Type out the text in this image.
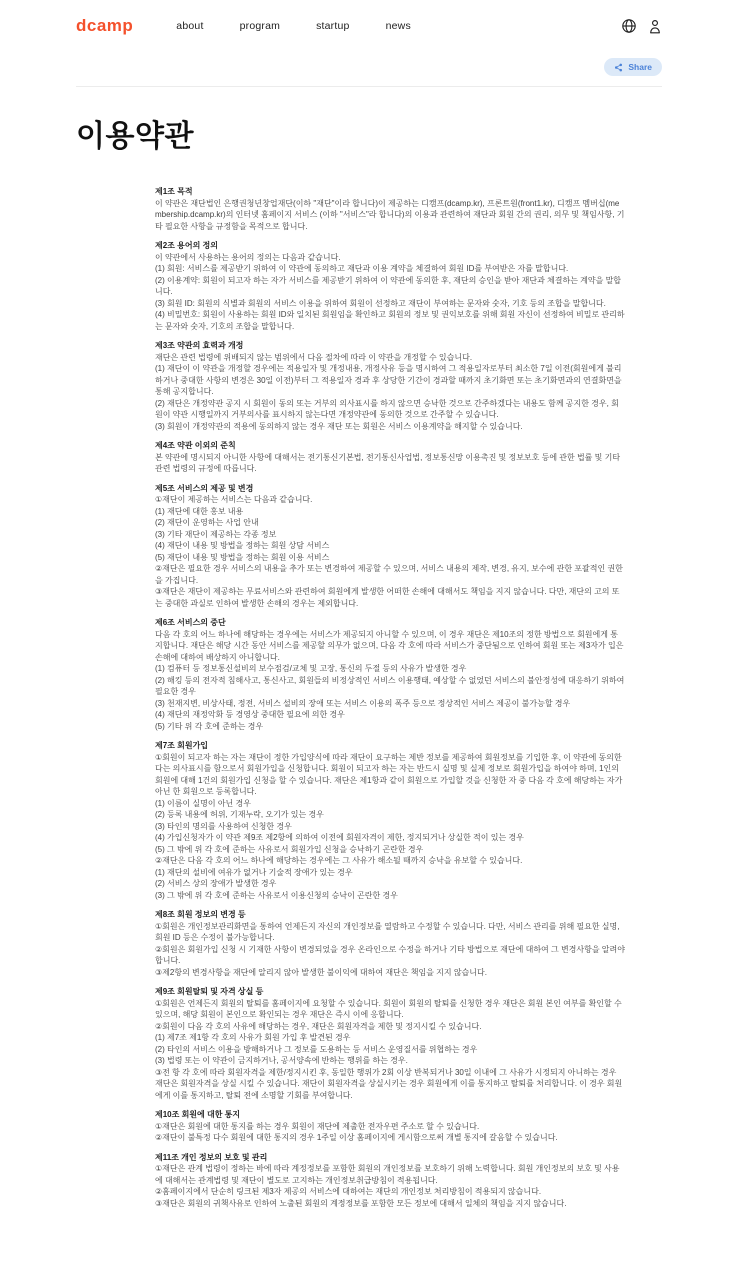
dcamp	about	program	startup	news
Share
이용약관
제1조 목적

이 약관은 재단법인 은행권청년창업재단(이하 "재단"이라 합니다)이 제공하는 디캠프(dcamp.kr), 프론트원(front1.kr), 디캠프 멤버십(membership.dcamp.kr)의 인터넷 홈페이지 서비스 (이하 "서비스"라 합니다)의 이용과 관련하여 재단과 회원 간의 권리, 의무 및 책임사항, 기타 필요한 사항을 규정함을 목적으로 합니다.

제2조 용어의 정의

이 약관에서 사용하는 용어의 정의는 다음과 같습니다.

(1) 회원: 서비스를 제공받기 위하여 이 약관에 동의하고 재단과 이용 계약을 체결하여 회원 ID를 부여받은 자를 말합니다.

(2) 이용계약: 회원이 되고자 하는 자가 서비스를 제공받기 위하여 이 약관에 동의한 후, 재단의 승인을 받아 재단과 체결하는 계약을 말합니다.

(3) 회원 ID: 회원의 식별과 회원의 서비스 이용을 위하여 회원이 선정하고 재단이 부여하는 문자와 숫자, 기호 등의 조합을 말합니다.

(4) 비밀번호: 회원이 사용하는 회원 ID와 일치된 회원임을 확인하고 회원의 정보 및 권익보호를 위해 회원 자신이 선정하여 비밀로 관리하는 문자와 숫자, 기호의 조합을 말합니다.

제3조 약관의 효력과 개정

재단은 관련 법령에 위배되지 않는 범위에서 다음 절차에 따라 이 약관을 개정할 수 있습니다.

(1) 재단이 이 약관을 개정할 경우에는 적용일자 및 개정내용, 개정사유 등을 명시하여 그 적용일자로부터 최소한 7일 이전(회원에게 불리하거나 중대한 사항의 변경은 30일 이전)부터 그 적용일자 경과 후 상당한 기간이 경과할 때까지 초기화면 또는 초기화면과의 연결화면을 통해 공지합니다.

(2) 재단은 개정약관 공지 시 회원이 동의 또는 거부의 의사표시를 하지 않으면 승낙한 것으로 간주하겠다는 내용도 함께 공지한 경우, 회원이 약관 시행일까지 거부의사를 표시하지 않는다면 개정약관에 동의한 것으로 간주할 수 있습니다.

(3) 회원이 개정약관의 적용에 동의하지 않는 경우 재단 또는 회원은 서비스 이용계약을 해지할 수 있습니다.

제4조 약관 이외의 준칙

본 약관에 명시되지 아니한 사항에 대해서는 전기통신기본법, 전기통신사업법, 정보통신망 이용촉진 및 정보보호 등에 관한 법률 및 기타 관련 법령의 규정에 따릅니다.

제5조 서비스의 제공 및 변경

①재단이 제공하는 서비스는 다음과 같습니다.

(1) 재단에 대한 홍보 내용

(2) 재단이 운영하는 사업 안내

(3) 기타 재단이 제공하는 각종 정보

(4) 재단이 내용 및 방법을 정하는 회원 상담 서비스

(5) 재단이 내용 및 방법을 정하는 회원 이용 서비스

②재단은 필요한 경우 서비스의 내용을 추가 또는 변경하여 제공할 수 있으며, 서비스 내용의 제작, 변경, 유지, 보수에 관한 포괄적인 권한을 가집니다.

③재단은 재단이 제공하는 무료서비스와 관련하여 회원에게 발생한 어떠한 손해에 대해서도 책임을 지지 않습니다. 다만, 재단의 고의 또는 중대한 과실로 인하여 발생한 손해의 경우는 제외합니다.

제6조 서비스의 중단

다음 각 호의 어느 하나에 해당하는 경우에는 서비스가 제공되지 아니할 수 있으며, 이 경우 재단은 제10조의 정한 방법으로 회원에게 통지합니다. 재단은 해당 시간 동안 서비스를 제공할 의무가 없으며, 다음 각 호에 따라 서비스가 중단됨으로 인하여 회원 또는 제3자가 입은 손해에 대하여 배상하지 아니합니다.

(1) 컴퓨터 등 정보통신설비의 보수점검/교체 및 고장, 통신의 두절 등의 사유가 발생한 경우

(2) 해킹 등의 전자적 침해사고, 통신사고, 회원들의 비정상적인 서비스 이용행태, 예상할 수 없었던 서비스의 불안정성에 대응하기 위하여 필요한 경우

(3) 천재지변, 비상사태, 정전, 서비스 설비의 장애 또는 서비스 이용의 폭주 등으로 정상적인 서비스 제공이 불가능할 경우

(4) 재단의 재정악화 등 경영상 중대한 필요에 의한 경우

(5) 기타 위 각 호에 준하는 경우

제7조 회원가입

①회원이 되고자 하는 자는 재단이 정한 가입양식에 따라 재단이 요구하는 제반 정보를 제공하여 회원정보를 기입한 후, 이 약관에 동의한다는 의사표시를 함으로서 회원가입을 신청합니다. 회원이 되고자 하는 자는 반드시 실명 및 실제 정보로 회원가입을 하여야 하며, 1인의 회원에 대해 1건의 회원가입 신청을 할 수 있습니다. 재단은 제1항과 같이 회원으로 가입할 것을 신청한 자 중 다음 각 호에 해당하는 자가 아닌 한 회원으로 등록합니다.

(1) 이름이 실명이 아닌 경우

(2) 등록 내용에 허위, 기재누락, 오기가 있는 경우

(3) 타인의 명의를 사용하여 신청한 경우

(4) 가입신청자가 이 약관 제9조 제2항에 의하여 이전에 회원자격이 제한, 정지되거나 상실한 적이 있는 경우

(5) 그 밖에 위 각 호에 준하는 사유로서 회원가입 신청을 승낙하기 곤란한 경우

②재단은 다음 각 호의 어느 하나에 해당하는 경우에는 그 사유가 해소될 때까지 승낙을 유보할 수 있습니다.

(1) 재단의 설비에 여유가 없거나 기술적 장애가 있는 경우

(2) 서비스 상의 장애가 발생한 경우

(3) 그 밖에 위 각 호에 준하는 사유로서 이용신청의 승낙이 곤란한 경우

제8조 회원 정보의 변경 등

①회원은 개인정보관리화면을 통하여 언제든지 자신의 개인정보를 열람하고 수정할 수 있습니다. 다만, 서비스 관리를 위해 필요한 실명, 회원 ID 등은 수정이 불가능합니다.

②회원은 회원가입 신청 시 기재한 사항이 변경되었을 경우 온라인으로 수정을 하거나 기타 방법으로 재단에 대하여 그 변경사항을 알려야 합니다.

③제2항의 변경사항을 재단에 알리지 않아 발생한 불이익에 대하여 재단은 책임을 지지 않습니다.

제9조 회원탈퇴 및 자격 상실 등

①회원은 언제든지 회원의 탈퇴를 홈페이지에 요청할 수 있습니다. 회원이 회원의 탈퇴를 신청한 경우 재단은 회원 본인 여부를 확인할 수 있으며, 해당 회원이 본인으로 확인되는 경우 재단은 즉시 이에 응합니다.

②회원이 다음 각 호의 사유에 해당하는 경우, 재단은 회원자격을 제한 및 정지시킬 수 있습니다.

(1) 제7조 제1항 각 호의 사유가 회원 가입 후 발견된 경우

(2) 타인의 서비스 이용을 방해하거나 그 정보를 도용하는 등 서비스 운영질서를 위협하는 경우

(3) 법령 또는 이 약관이 금지하거나, 공서양속에 반하는 행위를 하는 경우.

③전 항 각 호에 따라 회원자격을 제한/정지시킨 후, 동일한 행위가 2회 이상 반복되거나 30일 이내에 그 사유가 시정되지 아니하는 경우 재단은 회원자격을 상실 시킬 수 있습니다. 재단이 회원자격을 상실시키는 경우 회원에게 이를 통지하고 탈퇴를 처리합니다. 이 경우 회원에게 이를 통지하고, 탈퇴 전에 소명할 기회를 부여합니다.

제10조 회원에 대한 통지

①재단은 회원에 대한 통지를 하는 경우 회원이 재단에 제출한 전자우편 주소로 할 수 있습니다.

②재단이 불특정 다수 회원에 대한 통지의 경우 1주일 이상 홈페이지에 게시함으로써 개별 통지에 갈음할 수 있습니다.

제11조 개인 정보의 보호 및 관리

①재단은 관계 법령이 정하는 바에 따라 계정정보를 포함한 회원의 개인정보를 보호하기 위해 노력합니다. 회원 개인정보의 보호 및 사용에 대해서는 관계법령 및 재단이 별도로 고지하는 개인정보취급방침이 적용됩니다.

②홈페이지에서 단순히 링크된 제3자 제공의 서비스에 대하여는 재단의 개인정보 처리방침이 적용되지 않습니다.

③재단은 회원의 귀책사유로 인하여 노출된 회원의 계정정보를 포함한 모든 정보에 대해서 일체의 책임을 지지 않습니다.
